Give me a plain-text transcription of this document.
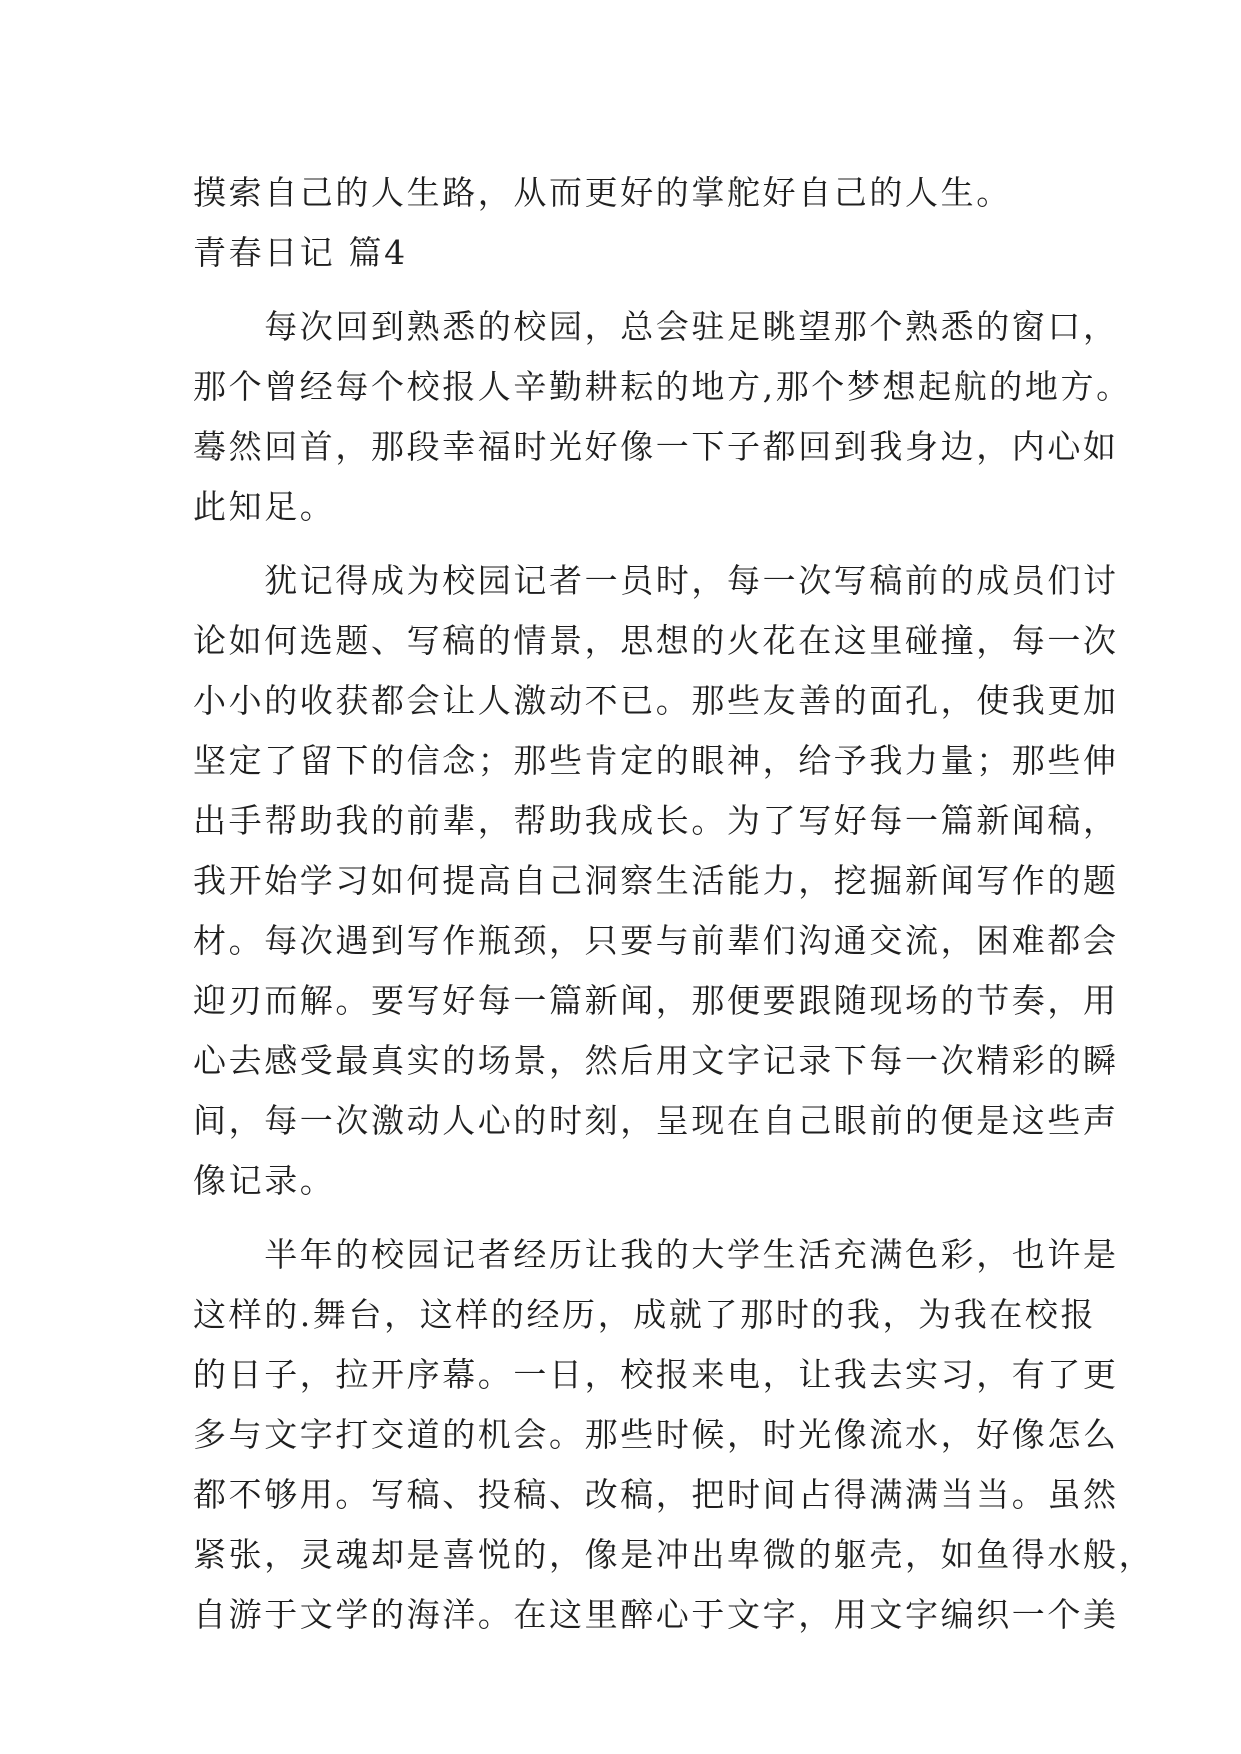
摸索自己的人生路，从而更好的掌舵好自己的人生。
青春日记 篇4
　　每次回到熟悉的校园，总会驻足眺望那个熟悉的窗口，
那个曾经每个校报人辛勤耕耘的地方,那个梦想起航的地方。
蓦然回首，那段幸福时光好像一下子都回到我身边，内心如
此知足。
　　犹记得成为校园记者一员时，每一次写稿前的成员们讨
论如何选题、写稿的情景，思想的火花在这里碰撞，每一次
小小的收获都会让人激动不已。那些友善的面孔，使我更加
坚定了留下的信念；那些肯定的眼神，给予我力量；那些伸
出手帮助我的前辈，帮助我成长。为了写好每一篇新闻稿，
我开始学习如何提高自己洞察生活能力，挖掘新闻写作的题
材。每次遇到写作瓶颈，只要与前辈们沟通交流，困难都会
迎刃而解。要写好每一篇新闻，那便要跟随现场的节奏，用
心去感受最真实的场景，然后用文字记录下每一次精彩的瞬
间，每一次激动人心的时刻，呈现在自己眼前的便是这些声
像记录。
　　半年的校园记者经历让我的大学生活充满色彩，也许是
这样的.舞台，这样的经历，成就了那时的我，为我在校报
的日子，拉开序幕。一日，校报来电，让我去实习，有了更
多与文字打交道的机会。那些时候，时光像流水，好像怎么
都不够用。写稿、投稿、改稿，把时间占得满满当当。虽然
紧张，灵魂却是喜悦的，像是冲出卑微的躯壳，如鱼得水般，
自游于文学的海洋。在这里醉心于文字，用文字编织一个美
